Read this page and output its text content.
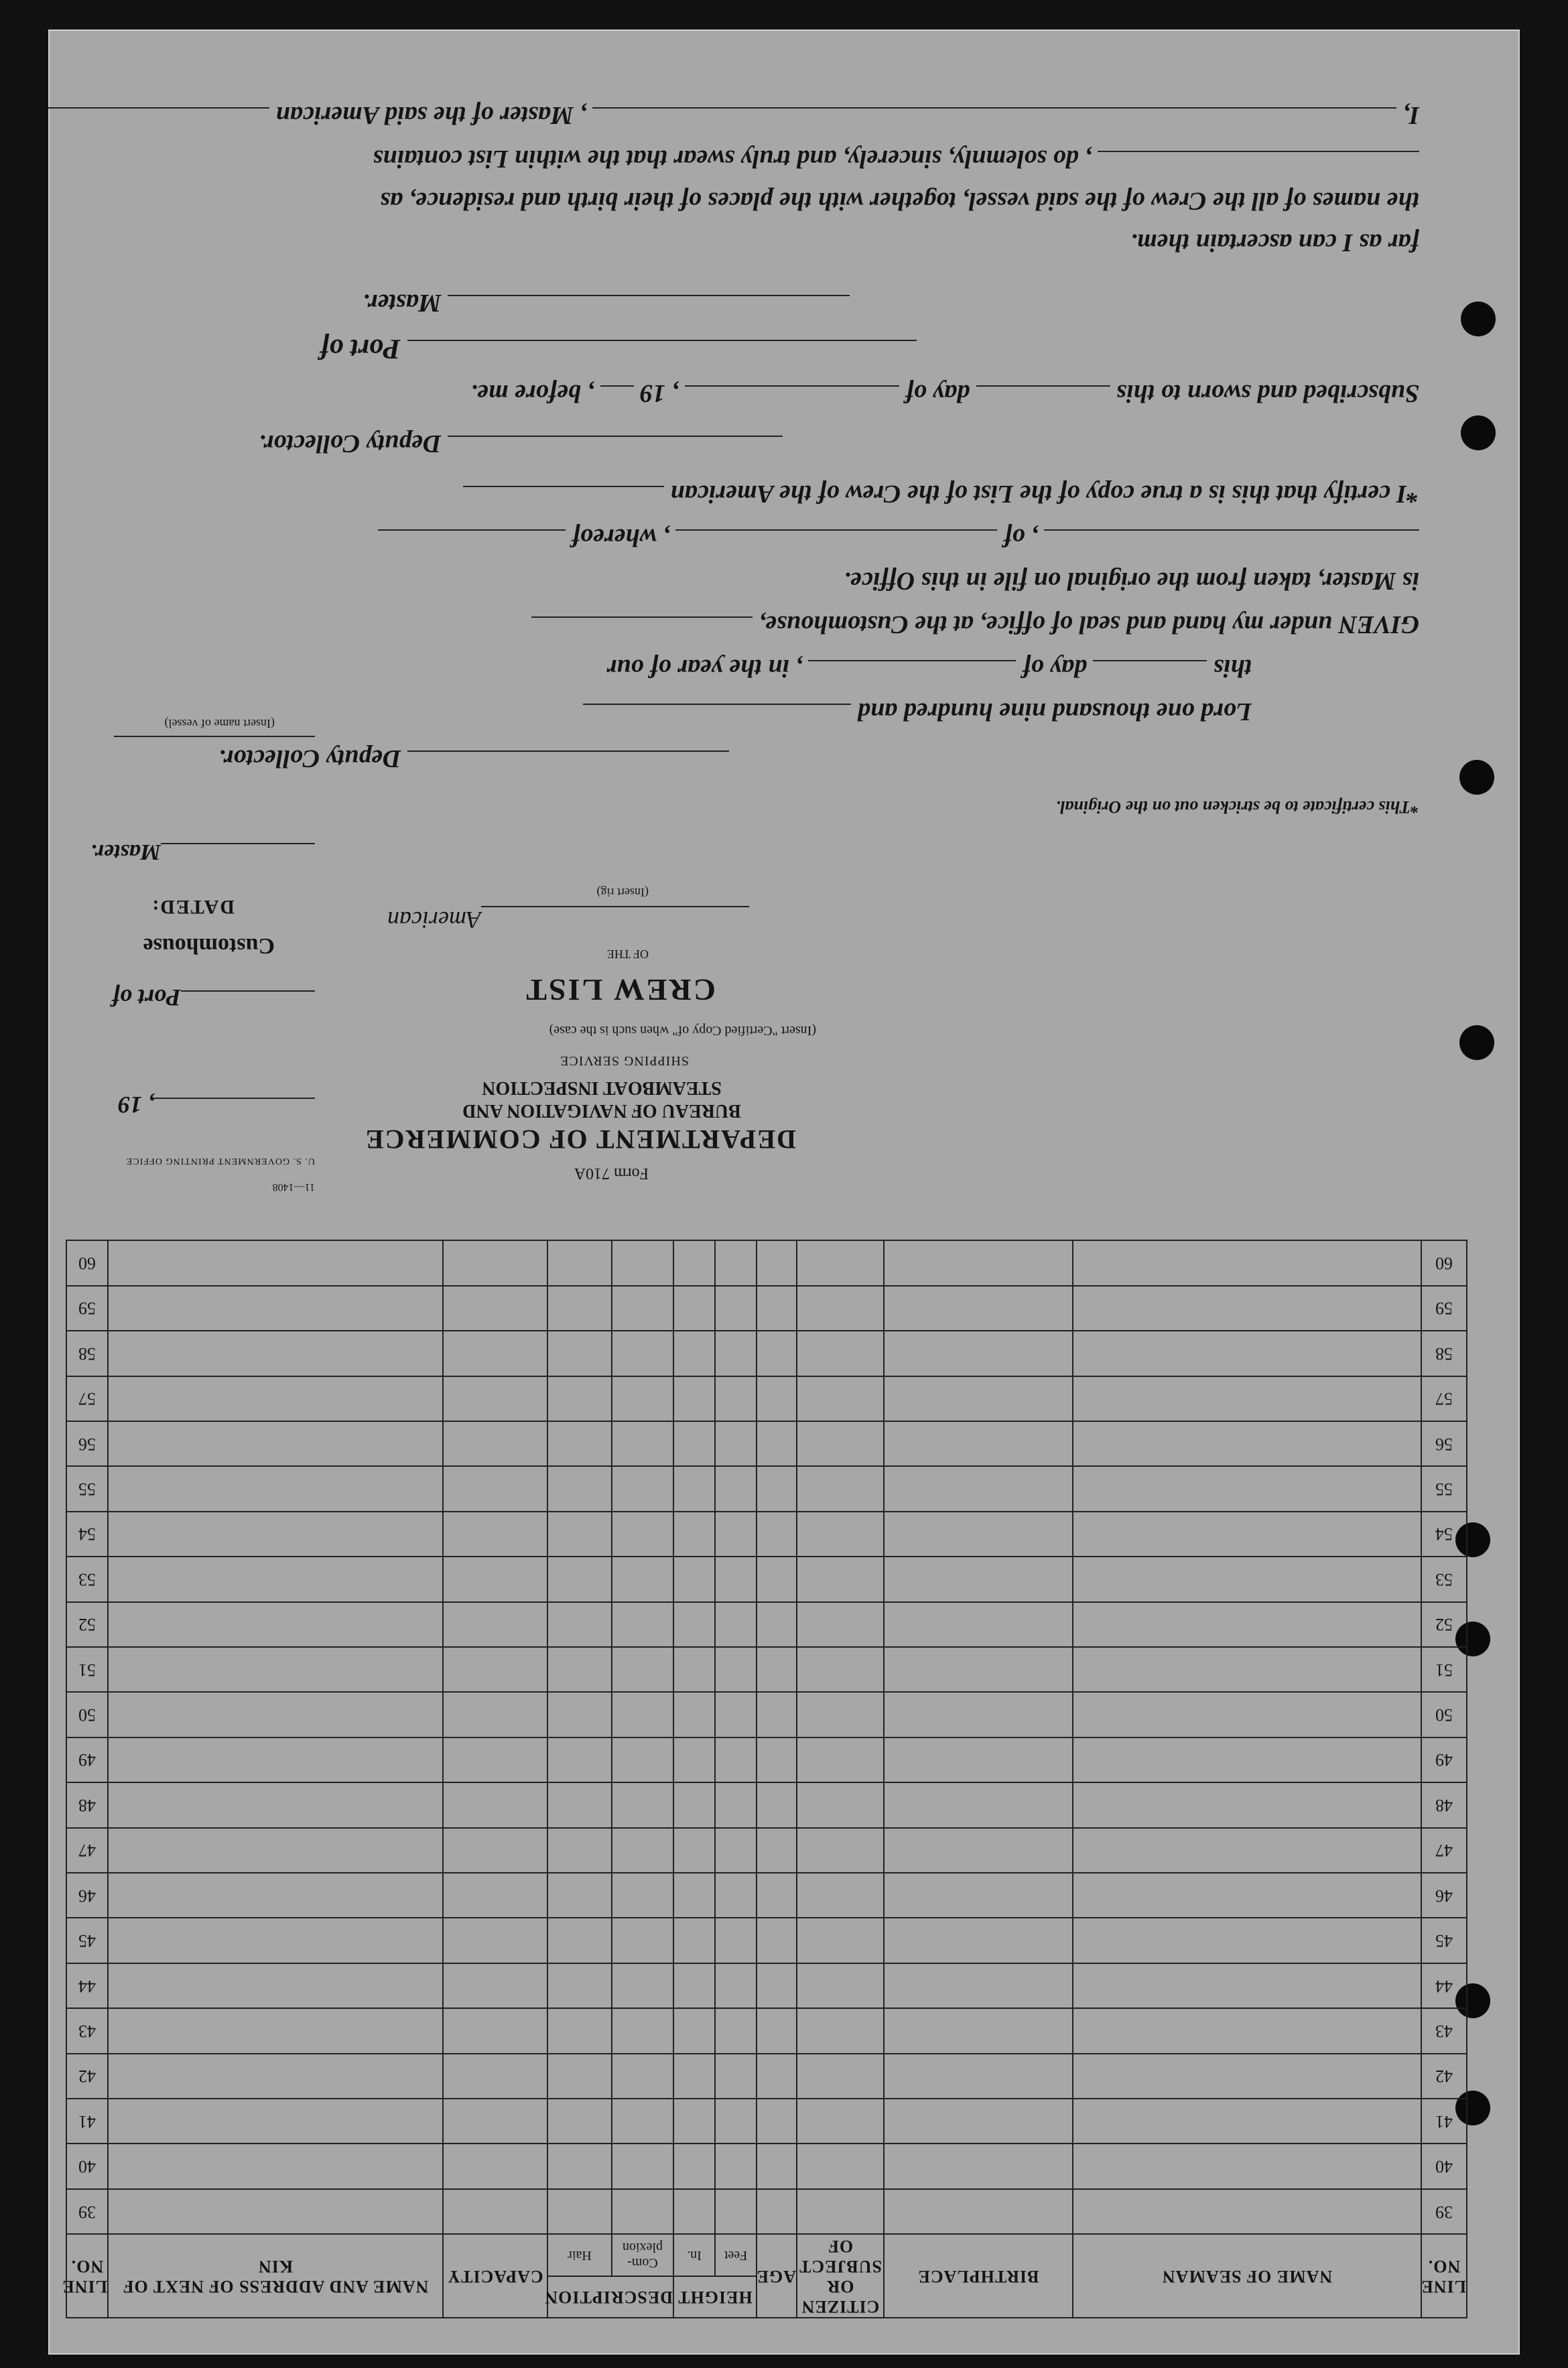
I,  , Master of the said American
, do solemnly, sincerely, and truly swear that the within List contains
the names of all the Crew of the said vessel, together with the places of their birth and residence, as
far as I can ascertain them.
Master.
Port of
Subscribed and sworn to this  day of  , 19  , before me.
Deputy Collector.
*I certify that this is a true copy of the List of the Crew of the American
, of  , whereof
is Master, taken from the original on file in this Office.
GIVEN under my hand and seal of office, at the Customhouse,
this  day of  , in the year of our
Lord one thousand nine hundred and
Deputy Collector.
*This certificate to be stricken out on the Original.
Form 710A
DEPARTMENT OF COMMERCE
BUREAU OF NAVIGATION AND STEAMBOAT INSPECTION
SHIPPING SERVICE
(Insert "Certified Copy of" when such is the case)
CREW LIST
OF THE
American
(Insert rig)
11—1408
U. S. GOVERNMENT PRINTING OFFICE
, 19
Port of
Customhouse
DATED:
Master.
(Insert name of vessel)
LINE NO.	NAME OF SEAMAN	BIRTHPLACE	CITIZEN OR SUBJECT OF	AGE	HEIGHT		DESCRIPTION		CAPACITY	NAME AND ADDRESS OF NEXT OF KIN	LINE NO.
					Feet	In.	Com- plexion	Hair			
39											39
40											40
41											41
42											42
43											43
44											44
45											45
46											46
47											47
48											48
49											49
50											50
51											51
52											52
53											53
54											54
55											55
56											56
57											57
58											58
59											59
60											60
